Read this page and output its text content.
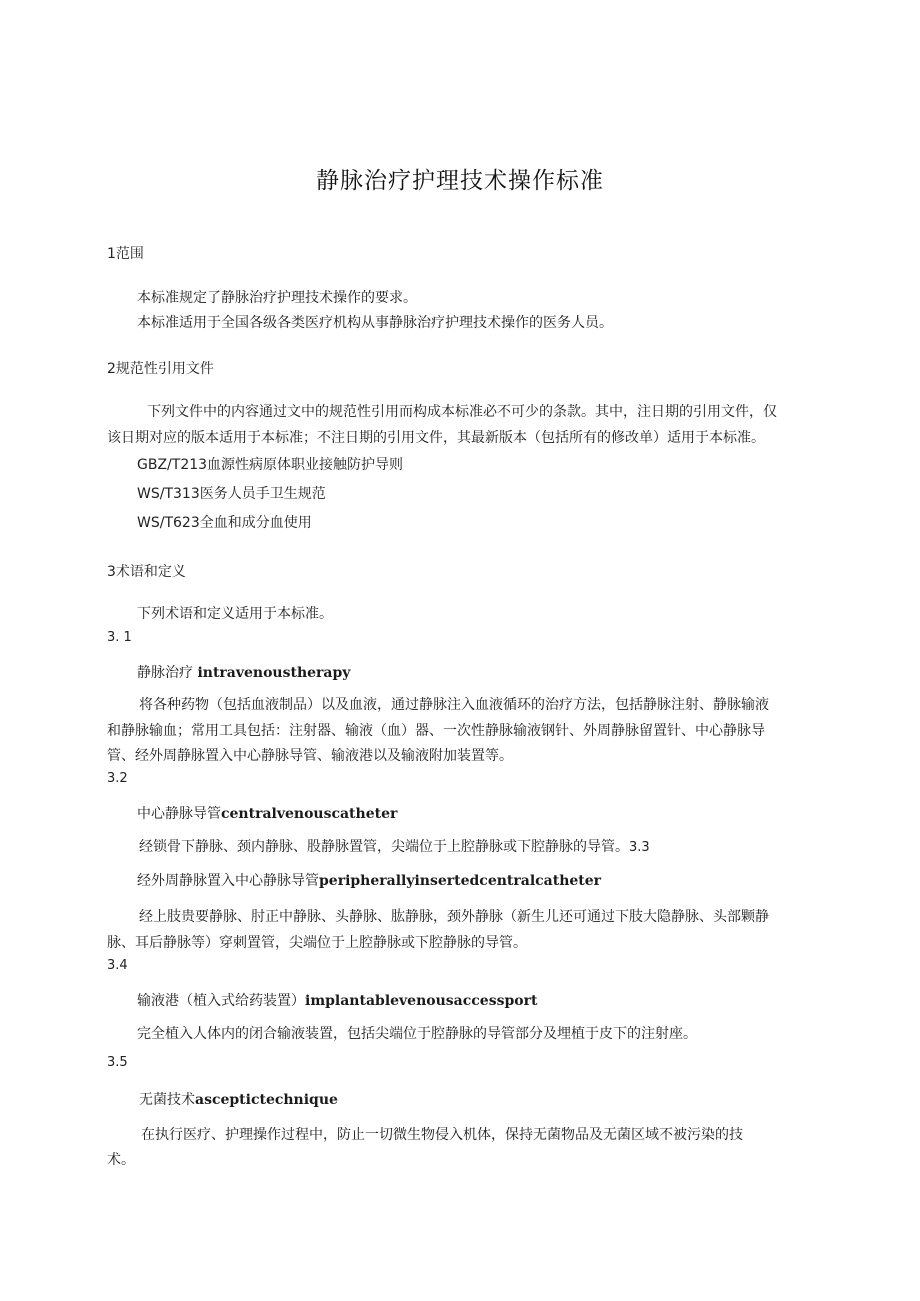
静脉治疗护理技术操作标准
1范围
本标准规定了静脉治疗护理技术操作的要求。
本标准适用于全国各级各类医疗机构从事静脉治疗护理技术操作的医务人员。
2规范性引用文件
下列文件中的内容通过文中的规范性引用而构成本标准必不可少的条款。其中，注日期的引用文件，仅
该日期对应的版本适用于本标准；不注日期的引用文件，其最新版本（包括所有的修改单）适用于本标准。
GBZ/T213血源性病原体职业接触防护导则
WS/T313医务人员手卫生规范
WS/T623全血和成分血使用
3术语和定义
下列术语和定义适用于本标准。
3. 1
静脉治疗 intravenoustherapy
将各种药物（包括血液制品）以及血液，通过静脉注入血液循环的治疗方法，包括静脉注射、静脉输液
和静脉输血；常用工具包括：注射器、输液（血）器、一次性静脉输液钢针、外周静脉留置针、中心静脉导
管、经外周静脉置入中心静脉导管、输液港以及输液附加装置等。
3.2
中心静脉导管centralvenouscatheter
经锁骨下静脉、颈内静脉、股静脉置管，尖端位于上腔静脉或下腔静脉的导管。3.3
经外周静脉置入中心静脉导管peripherallyinsertedcentralcatheter
经上肢贵要静脉、肘正中静脉、头静脉、肱静脉，颈外静脉（新生儿还可通过下肢大隐静脉、头部颗静
脉、耳后静脉等）穿刺置管，尖端位于上腔静脉或下腔静脉的导管。
3.4
输液港（植入式给药装置）implantablevenousaccessport
完全植入人体内的闭合输液装置，包括尖端位于腔静脉的导管部分及埋植于皮下的注射座。
3.5
无菌技术asceptictechnique
在执行医疗、护理操作过程中，防止一切微生物侵入机体，保持无菌物品及无菌区域不被污染的技
术。
